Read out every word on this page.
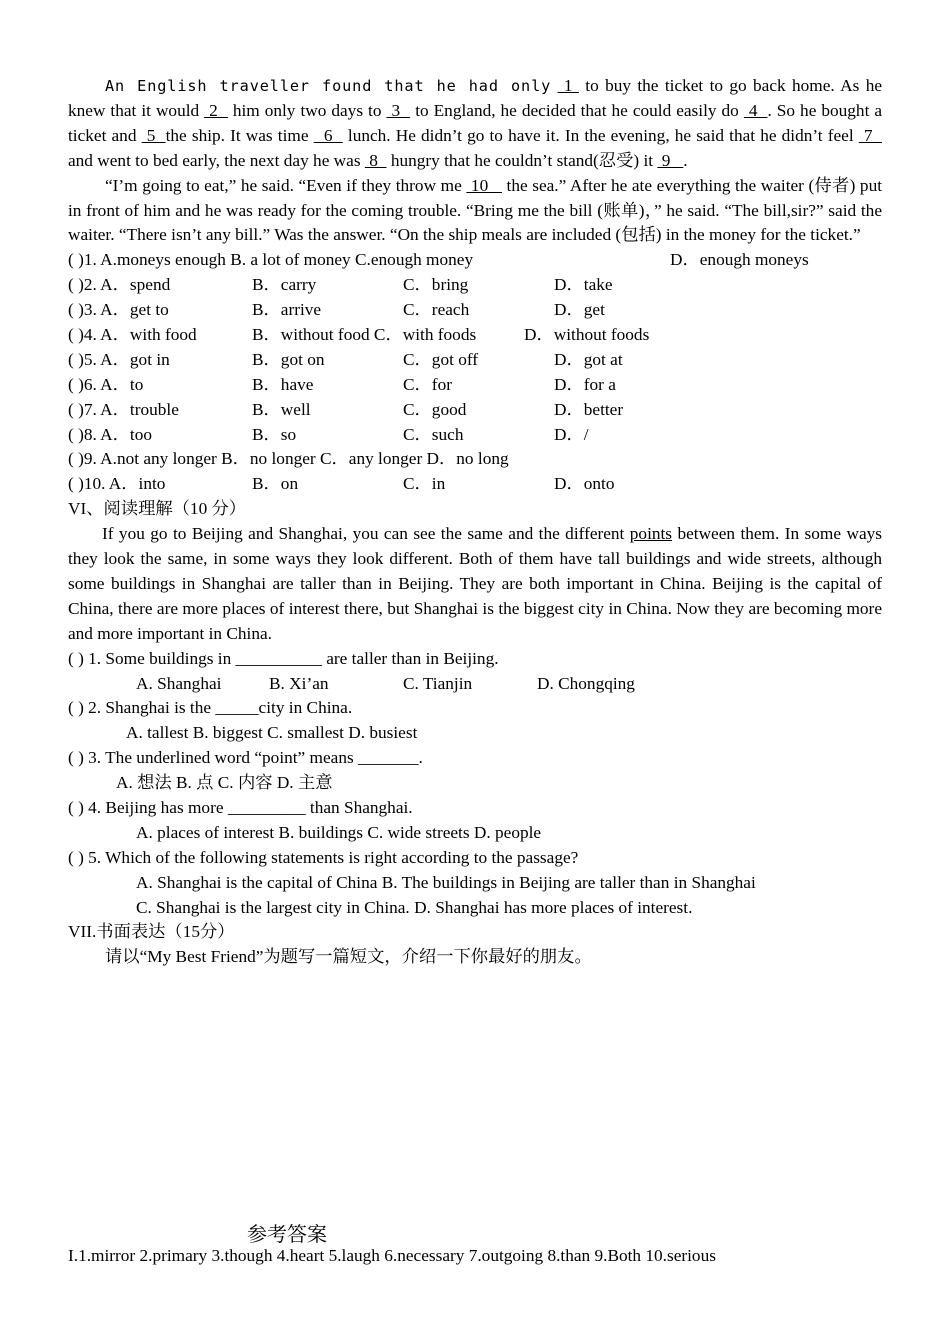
An English traveller found that he had only  1  to buy the ticket to go back home. As he knew that it would  2   him only two days to  3   to England, he decided that he could easily do  4  . So he bought a ticket and  5  the ship. It was time   6   lunch. He didn’t go to have it. In the evening, he said that he didn’t feel  7   and went to bed early, the next day he was  8   hungry that he couldn’t stand(忍受) it  9   .

“I’m going to eat,” he said. “Even if they throw me  10    the sea.” After he ate everything the waiter (侍者) put in front of him and he was ready for the coming trouble. “Bring me the bill (账单)，” he said. “The bill,sir?” said the waiter. “There isn’t any bill.” Was the answer. “On the ship meals are included (包括) in the money for the ticket.”

( )1. A.moneys enough B. a lot of money C.enough money	D．enough moneys
( )2. A．spend	B．carry	C．bring	D．take
( )3. A．get to	B．arrive	C．reach	D．get
( )4. A．with food	B．without food C．with foods	D．without foods
( )5. A．got in	B．got on	C．got off	D．got at
( )6. A．to	B．have	C．for	D．for a
( )7. A．trouble	B．well	C．good	D．better
( )8. A．too	B．so	C．such	D．/
( )9. A.not any longer B．no longer C．any longer D．no long
( )10. A．into	B．on	C．in	D．onto

VI、阅读理解（10 分）

If you go to Beijing and Shanghai, you can see the same and the different points between them. In some ways they look the same, in some ways they look different. Both of them have tall buildings and wide streets, although some buildings in Shanghai are taller than in Beijing. They are both important in China. Beijing is the capital of China, there are more places of interest there, but Shanghai is the biggest city in China. Now they are becoming more and more important in China.

( ) 1. Some buildings in __________ are taller than in Beijing.

A. Shanghai	B. Xi’an	C. Tianjin	D. Chongqing

( ) 2. Shanghai is the _____city in China.

A. tallest B. biggest C. smallest D. busiest

( ) 3. The underlined word “point” means _______.

A. 想法 B. 点 C. 内容 D. 主意

( ) 4. Beijing has more _________ than Shanghai.

A. places of interest B. buildings C. wide streets D. people

( ) 5. Which of the following statements is right according to the passage?

A. Shanghai is the capital of China B. The buildings in Beijing are taller than in Shanghai

C. Shanghai is the largest city in China. D. Shanghai has more places of interest.

VII.书面表达（15分）

请以“My Best Friend”为题写一篇短文，介绍一下你最好的朋友。

参考答案
I.1.mirror 2.primary 3.though 4.heart 5.laugh 6.necessary 7.outgoing 8.than 9.Both 10.serious
